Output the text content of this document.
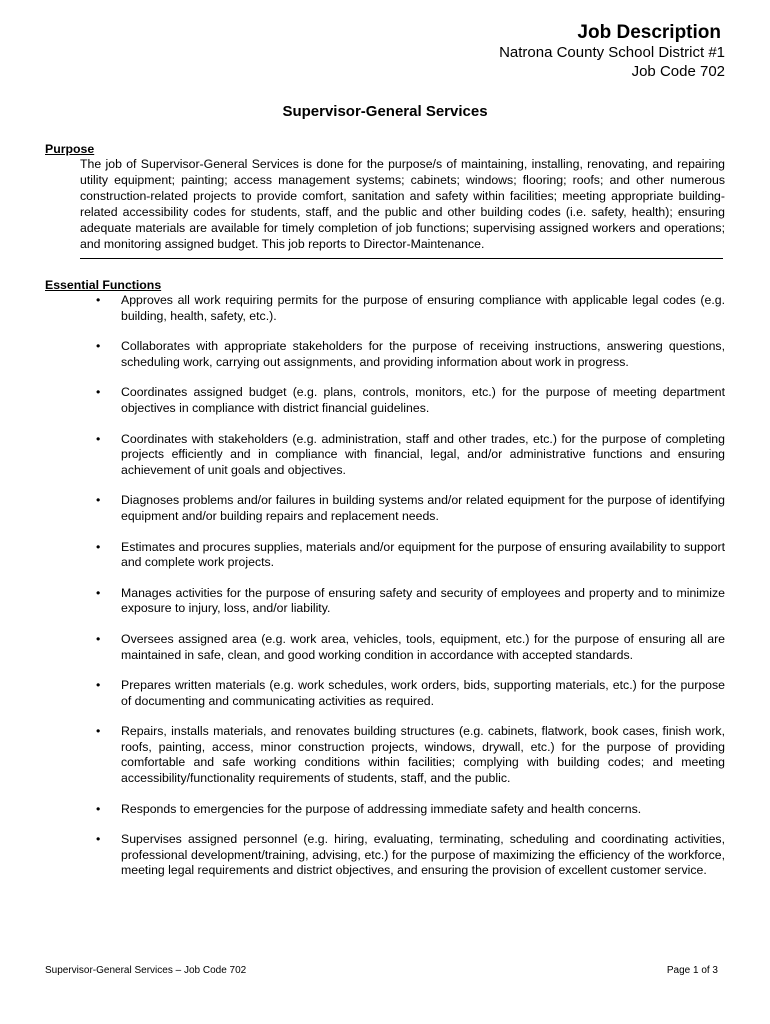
Job Description
Natrona County School District #1
Job Code 702
Supervisor-General Services
Purpose
The job of Supervisor-General Services is done for the purpose/s of maintaining, installing, renovating, and repairing utility equipment; painting; access management systems; cabinets; windows; flooring; roofs; and other numerous construction-related projects to provide comfort, sanitation and safety within facilities; meeting appropriate building-related accessibility codes for students, staff, and the public and other building codes (i.e. safety, health); ensuring adequate materials are available for timely completion of job functions; supervising assigned workers and operations; and monitoring assigned budget. This job reports to Director-Maintenance.
Essential Functions
• Approves all work requiring permits for the purpose of ensuring compliance with applicable legal codes (e.g. building, health, safety, etc.).
• Collaborates with appropriate stakeholders for the purpose of receiving instructions, answering questions, scheduling work, carrying out assignments, and providing information about work in progress.
• Coordinates assigned budget (e.g. plans, controls, monitors, etc.) for the purpose of meeting department objectives in compliance with district financial guidelines.
• Coordinates with stakeholders (e.g. administration, staff and other trades, etc.) for the purpose of completing projects efficiently and in compliance with financial, legal, and/or administrative functions and ensuring achievement of unit goals and objectives.
• Diagnoses problems and/or failures in building systems and/or related equipment for the purpose of identifying equipment and/or building repairs and replacement needs.
• Estimates and procures supplies, materials and/or equipment for the purpose of ensuring availability to support and complete work projects.
• Manages activities for the purpose of ensuring safety and security of employees and property and to minimize exposure to injury, loss, and/or liability.
• Oversees assigned area (e.g. work area, vehicles, tools, equipment, etc.) for the purpose of ensuring all are maintained in safe, clean, and good working condition in accordance with accepted standards.
• Prepares written materials (e.g. work schedules, work orders, bids, supporting materials, etc.) for the purpose of documenting and communicating activities as required.
• Repairs, installs materials, and renovates building structures (e.g. cabinets, flatwork, book cases, finish work, roofs, painting, access, minor construction projects, windows, drywall, etc.) for the purpose of providing comfortable and safe working conditions within facilities; complying with building codes; and meeting accessibility/functionality requirements of students, staff, and the public.
• Responds to emergencies for the purpose of addressing immediate safety and health concerns.
• Supervises assigned personnel (e.g. hiring, evaluating, terminating, scheduling and coordinating activities, professional development/training, advising, etc.) for the purpose of maximizing the efficiency of the workforce, meeting legal requirements and district objectives, and ensuring the provision of excellent customer service.
Supervisor-General Services – Job Code 702	Page 1 of 3
